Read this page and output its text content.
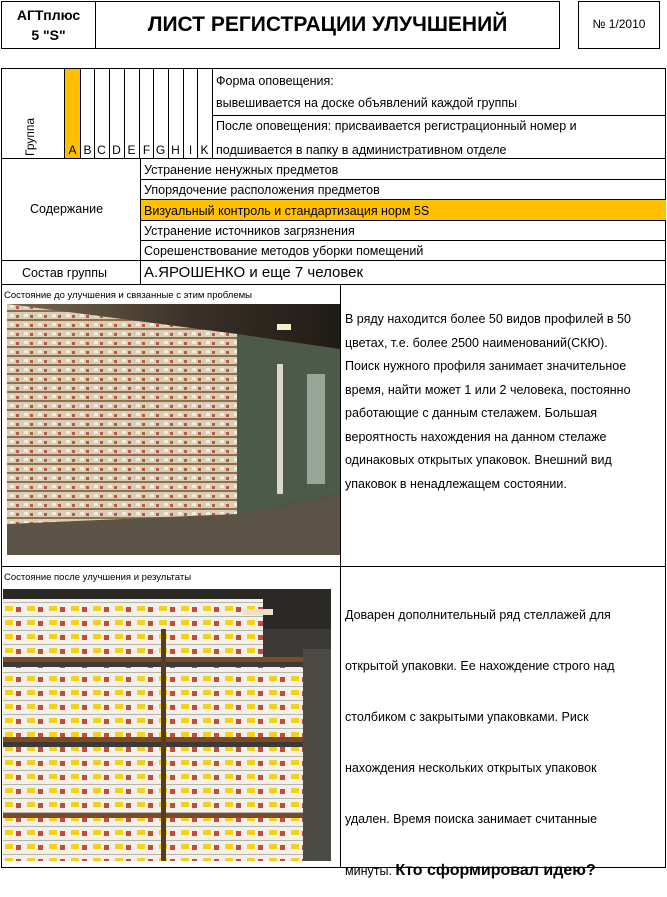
АГТплюс
5 "S"	ЛИСТ РЕГИСТРАЦИИ УЛУЧШЕНИЙ	№ 1/2010
Группа	A B C D E F G H I K
Форма оповещения:
вывешивается на доске объявлений каждой группы
После оповещения: присваивается регистрационный номер и
подшивается в папку в административном отделе
Содержание
Устранение ненужных предметов
Упорядочение расположения предметов
Визуальный контроль и стандартизация норм 5S
Устранение источников загрязнения
Сорешенствование методов уборки помещений
Состав группы А.ЯРОШЕНКО и еще 7 человек
Состояние до улучшения и связанные с этим проблемы
В ряду находится более 50 видов профилей в 50
цветах, т.е. более 2500 наименований(СКЮ).
Поиск нужного профиля занимает значительное
время, найти может 1 или 2 человека, постоянно
работающие с данным стелажем. Большая
вероятность нахождения на данном стелаже
одинаковых открытых упаковок. Внешний вид
упаковок в ненадлежащем состоянии.
Состояние после улучшения и результаты
Доварен дополнительный ряд стеллажей для
открытой упаковки. Ее нахождение строго над
столбиком с закрытыми упаковками. Риск
нахождения нескольких открытых упаковок
удален. Время поиска занимает считанные
минуты. Кто сформировал идею?
